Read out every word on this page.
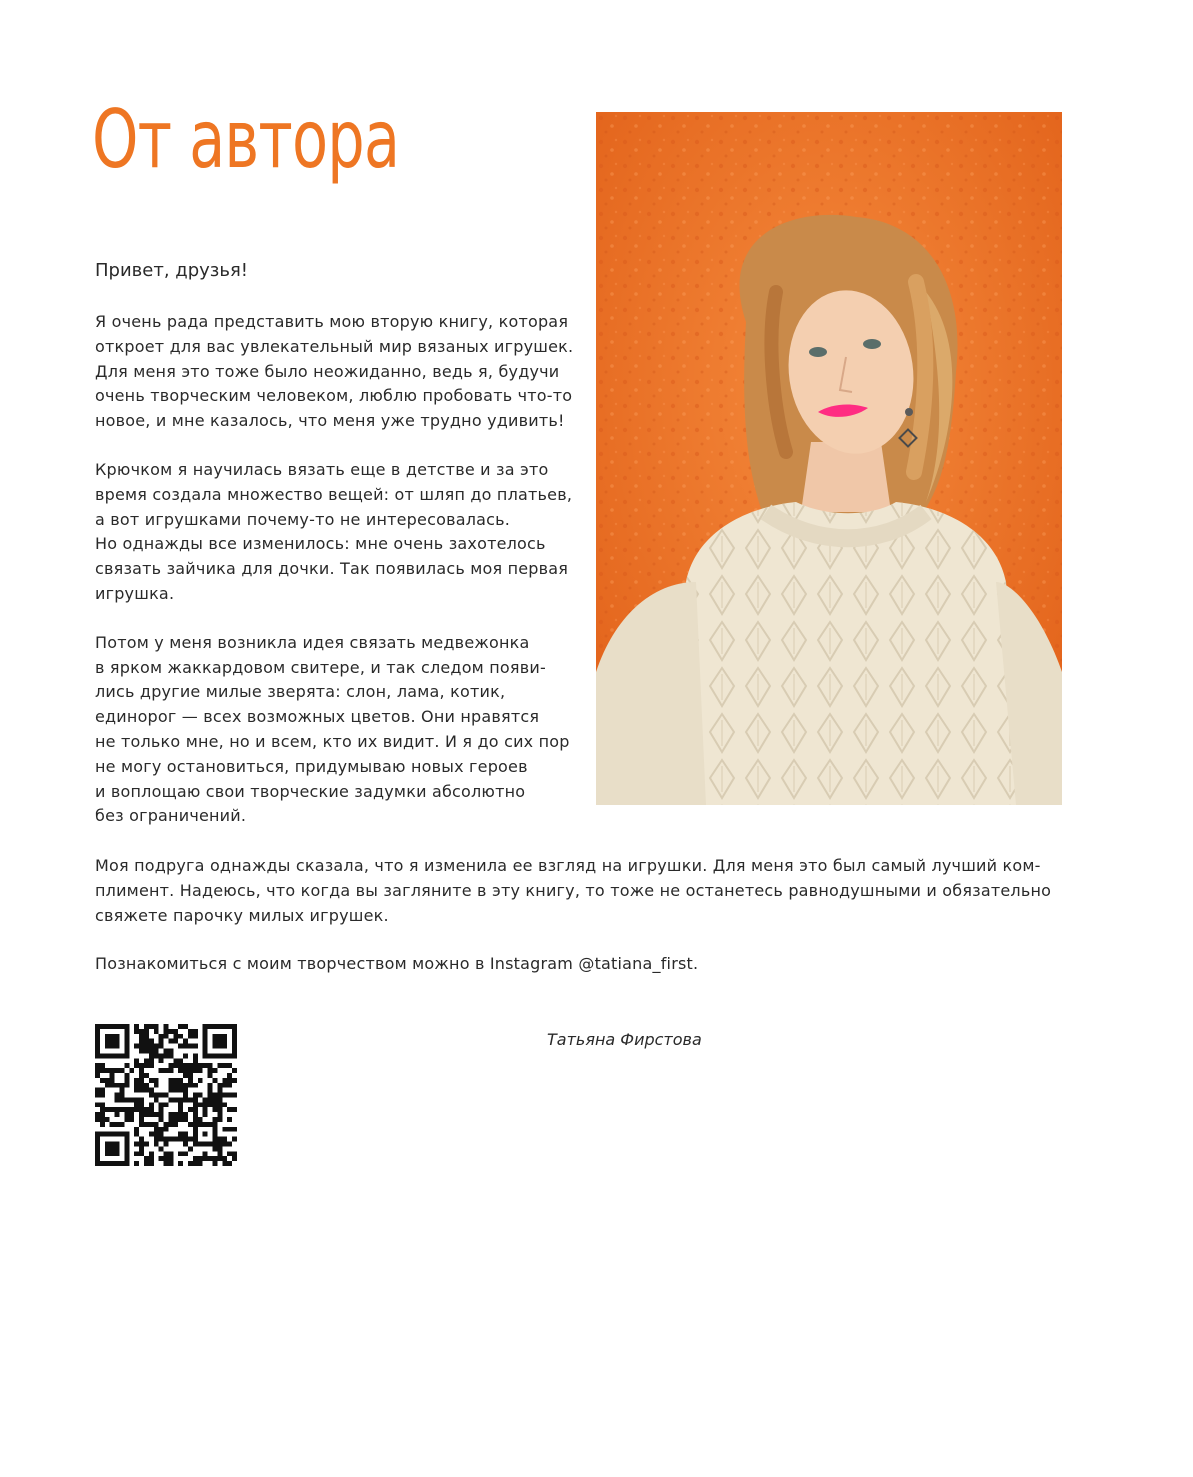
От автора
Привет, друзья!

Я очень рада представить мою вторую книгу, которая
откроет для вас увлекательный мир вязаных игрушек.
Для меня это тоже было неожиданно, ведь я, будучи
очень творческим человеком, люблю пробовать что-то
новое, и мне казалось, что меня уже трудно удивить!

Крючком я научилась вязать еще в детстве и за это
время создала множество вещей: от шляп до платьев,
а вот игрушками почему-то не интересовалась.
Но однажды все изменилось: мне очень захотелось
связать зайчика для дочки. Так появилась моя первая
игрушка.

Потом у меня возникла идея связать медвежонка
в ярком жаккардовом свитере, и так следом появи-
лись другие милые зверята: слон, лама, котик,
единорог — всех возможных цветов. Они нравятся
не только мне, но и всем, кто их видит. И я до сих пор
не могу остановиться, придумываю новых героев
и воплощаю свои творческие задумки абсолютно
без ограничений.

Моя подруга однажды сказала, что я изменила ее взгляд на игрушки. Для меня это был самый лучший ком-
плимент. Надеюсь, что когда вы загляните в эту книгу, то тоже не останетесь равнодушными и обязательно
свяжете парочку милых игрушек.

Познакомиться с моим творчеством можно в Instagram @tatiana_first.

Татьяна Фирстова
